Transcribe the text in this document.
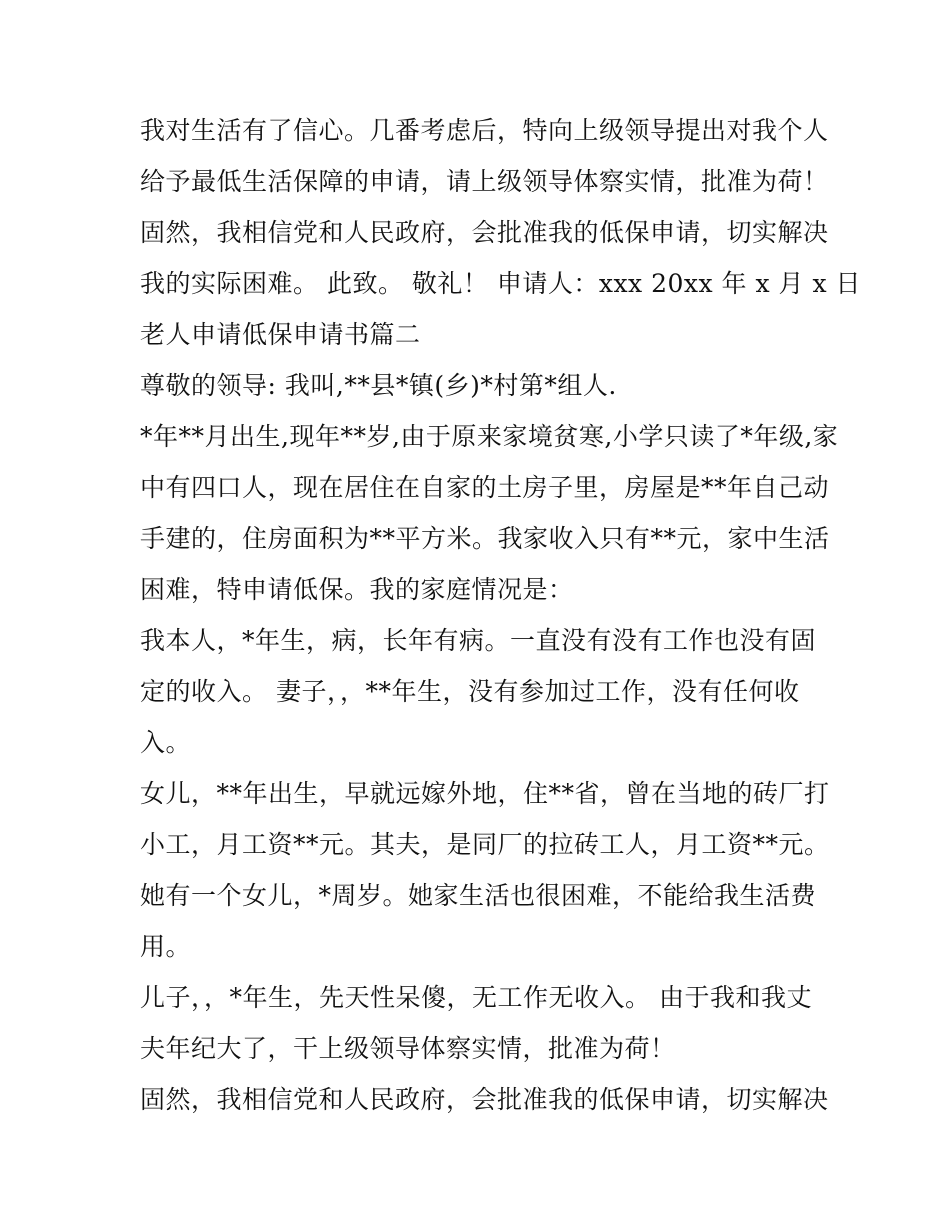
我对生活有了信心。几番考虑后，特向上级领导提出对我个人
给予最低生活保障的申请，请上级领导体察实情，批准为荷！
固然，我相信党和人民政府，会批准我的低保申请，切实解决
我的实际困难。 此致。 敬礼！ 申请人：xxx 20xx 年 x 月 x 日
老人申请低保申请书篇二
尊敬的领导: 我叫,**县*镇(乡)*村第*组人.
*年**月出生,现年**岁,由于原来家境贫寒,小学只读了*年级,家
中有四口人，现在居住在自家的土房子里，房屋是**年自己动
手建的，住房面积为**平方米。我家收入只有**元，家中生活
困难，特申请低保。我的家庭情况是：
我本人，*年生，病，长年有病。一直没有没有工作也没有固
定的收入。 妻子，，**年生，没有参加过工作，没有任何收
入。
女儿，**年出生，早就远嫁外地，住**省，曾在当地的砖厂打
小工，月工资**元。其夫，是同厂的拉砖工人，月工资**元。
她有一个女儿，*周岁。她家生活也很困难，不能给我生活费
用。
儿子，，*年生，先天性呆傻，无工作无收入。 由于我和我丈
夫年纪大了，干上级领导体察实情，批准为荷！
固然，我相信党和人民政府，会批准我的低保申请，切实解决
